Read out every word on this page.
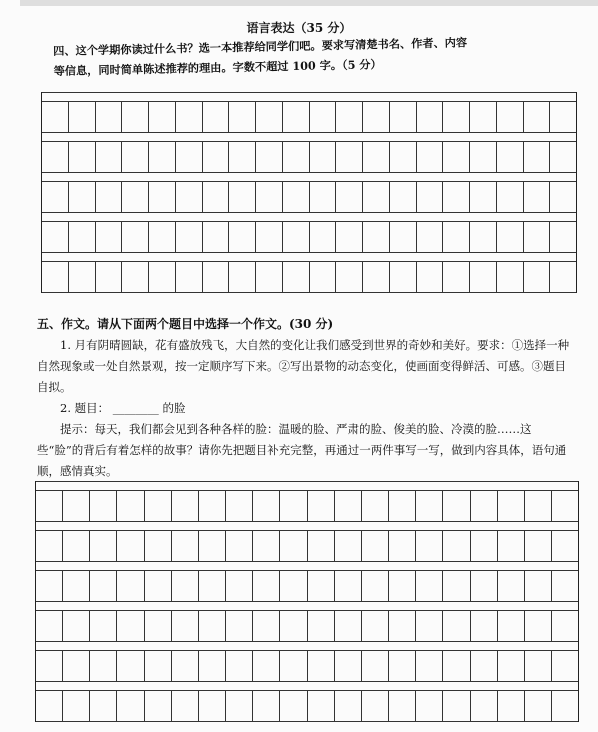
语言表达（35 分）
四、这个学期你读过什么书？选一本推荐给同学们吧。要求写清楚书名、作者、内容
等信息，同时简单陈述推荐的理由。字数不超过 100 字。（5 分）
五、作文。请从下面两个题目中选择一个作文。(30 分)

1. 月有阴晴圆缺，花有盛放残飞，大自然的变化让我们感受到世界的奇妙和美好。要求：①选择一种自然现象或一处自然景观，按一定顺序写下来。②写出景物的动态变化，使画面变得鲜活、可感。③题目自拟。

2. 题目： ________ 的脸

提示：每天，我们都会见到各种各样的脸：温暖的脸、严肃的脸、俊美的脸、冷漠的脸……这些“脸”的背后有着怎样的故事？请你先把题目补充完整，再通过一两件事写一写，做到内容具体，语句通顺，感情真实。
